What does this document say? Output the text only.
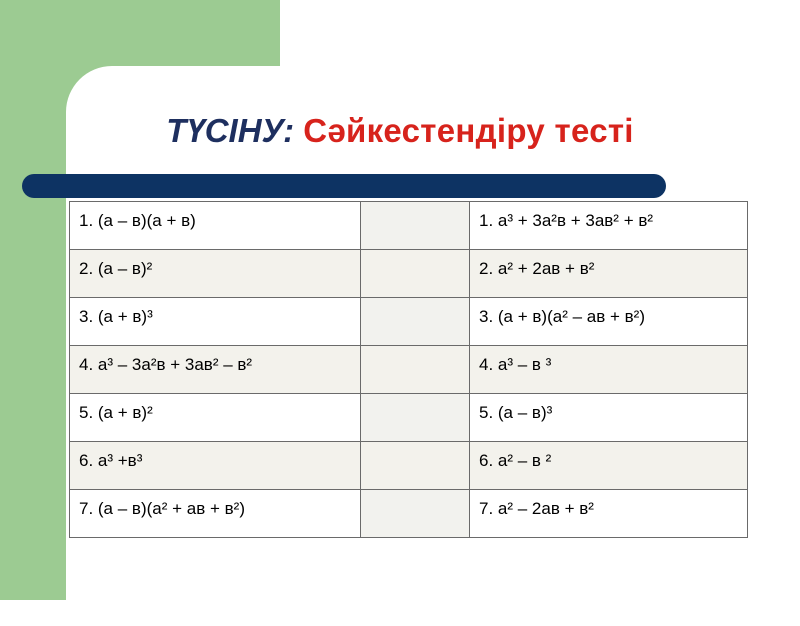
ТҮСІНУ: Сәйкестендіру тесті
1. (а – в)(а + в)		1. а³ + 3а²в + 3ав² + в²
2. (а – в)²		2. а² + 2ав + в²
3. (а + в)³		3. (а + в)(а² – ав + в²)
4. а³ – 3а²в + 3ав² – в²		4. а³ – в ³
5. (а + в)²		5. (а – в)³
6. а³ +в³		6. а² – в ²
7. (а – в)(а² + ав + в²)		7. а² – 2ав + в²
